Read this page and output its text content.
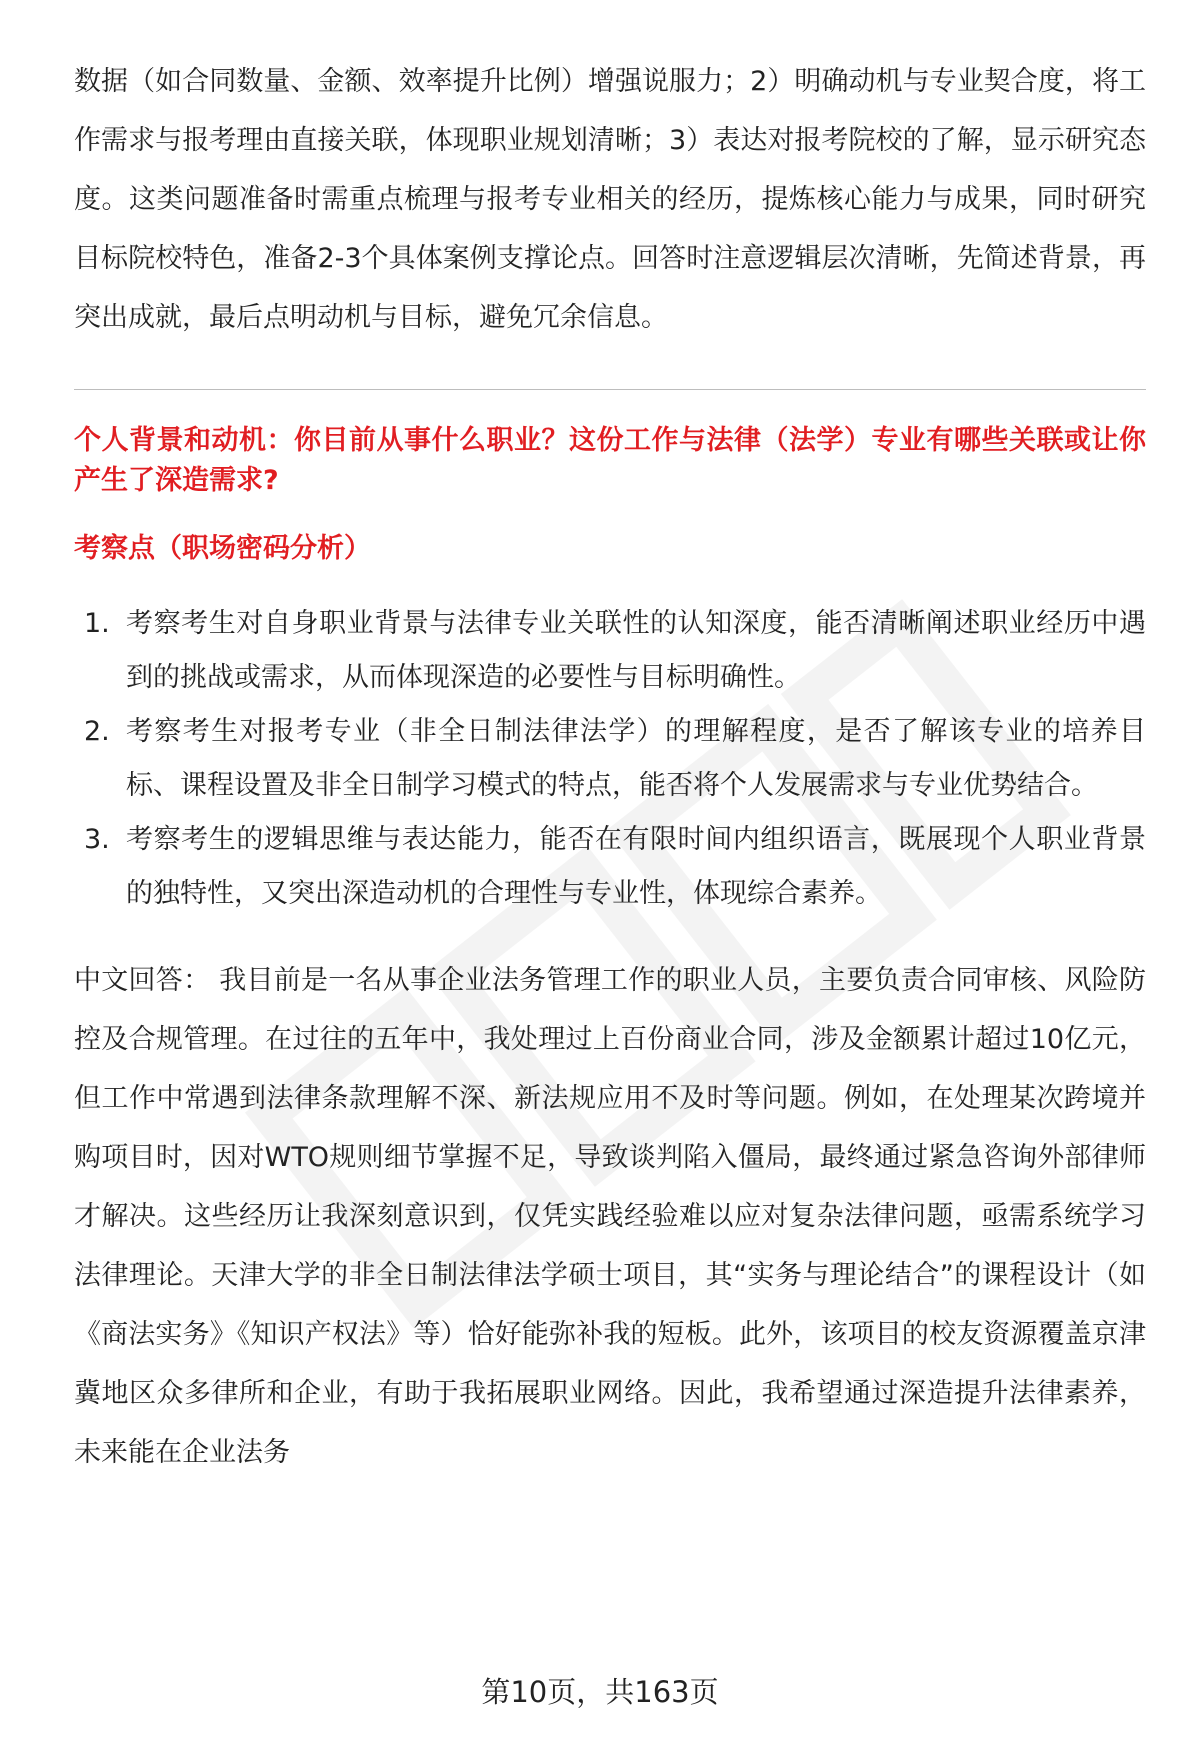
数据（如合同数量、金额、效率提升比例）增强说服力；2）明确动机与专业契合度，将工作需求与报考理由直接关联，体现职业规划清晰；3）表达对报考院校的了解，显示研究态度。这类问题准备时需重点梳理与报考专业相关的经历，提炼核心能力与成果，同时研究目标院校特色，准备2-3个具体案例支撑论点。回答时注意逻辑层次清晰，先简述背景，再突出成就，最后点明动机与目标，避免冗余信息。

个人背景和动机：你目前从事什么职业？这份工作与法律（法学）专业有哪些关联或让你产生了深造需求?

考察点（职场密码分析）

1. 考察考生对自身职业背景与法律专业关联性的认知深度，能否清晰阐述职业经历中遇到的挑战或需求，从而体现深造的必要性与目标明确性。
2. 考察考生对报考专业（非全日制法律法学）的理解程度，是否了解该专业的培养目标、课程设置及非全日制学习模式的特点，能否将个人发展需求与专业优势结合。
3. 考察考生的逻辑思维与表达能力，能否在有限时间内组织语言，既展现个人职业背景的独特性，又突出深造动机的合理性与专业性，体现综合素养。

中文回答： 我目前是一名从事企业法务管理工作的职业人员，主要负责合同审核、风险防控及合规管理。在过往的五年中，我处理过上百份商业合同，涉及金额累计超过10亿元，但工作中常遇到法律条款理解不深、新法规应用不及时等问题。例如，在处理某次跨境并购项目时，因对WTO规则细节掌握不足，导致谈判陷入僵局，最终通过紧急咨询外部律师才解决。这些经历让我深刻意识到，仅凭实践经验难以应对复杂法律问题，亟需系统学习法律理论。天津大学的非全日制法律法学硕士项目，其“实务与理论结合”的课程设计（如《商法实务》《知识产权法》等）恰好能弥补我的短板。此外，该项目的校友资源覆盖京津冀地区众多律所和企业，有助于我拓展职业网络。因此，我希望通过深造提升法律素养，未来能在企业法务

第10页，共163页
